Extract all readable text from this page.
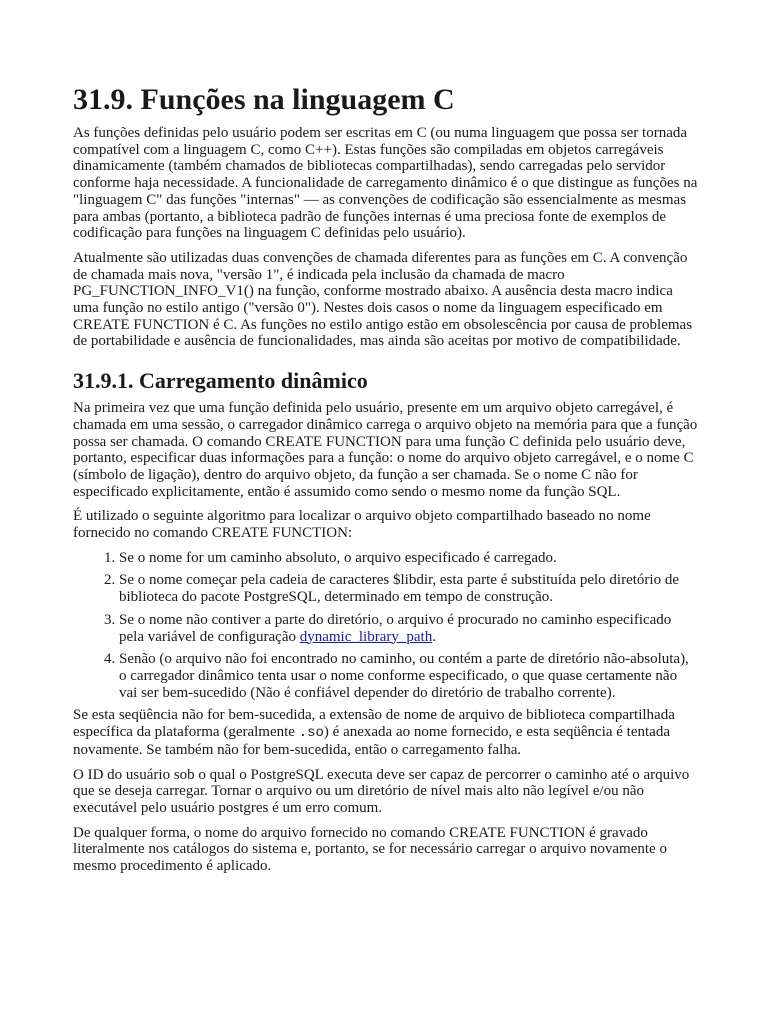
31.9. Funções na linguagem C

As funções definidas pelo usuário podem ser escritas em C (ou numa linguagem que possa ser tornada compatível com a linguagem C, como C++). Estas funções são compiladas em objetos carregáveis dinamicamente (também chamados de bibliotecas compartilhadas), sendo carregadas pelo servidor conforme haja necessidade. A funcionalidade de carregamento dinâmico é o que distingue as funções na "linguagem C" das funções "internas" — as convenções de codificação são essencialmente as mesmas para ambas (portanto, a biblioteca padrão de funções internas é uma preciosa fonte de exemplos de codificação para funções na linguagem C definidas pelo usuário).

Atualmente são utilizadas duas convenções de chamada diferentes para as funções em C. A convenção de chamada mais nova, "versão 1", é indicada pela inclusão da chamada de macro PG_FUNCTION_INFO_V1() na função, conforme mostrado abaixo. A ausência desta macro indica uma função no estilo antigo ("versão 0"). Nestes dois casos o nome da linguagem especificado em CREATE FUNCTION é C. As funções no estilo antigo estão em obsolescência por causa de problemas de portabilidade e ausência de funcionalidades, mas ainda são aceitas por motivo de compatibilidade.

31.9.1. Carregamento dinâmico

Na primeira vez que uma função definida pelo usuário, presente em um arquivo objeto carregável, é chamada em uma sessão, o carregador dinâmico carrega o arquivo objeto na memória para que a função possa ser chamada. O comando CREATE FUNCTION para uma função C definida pelo usuário deve, portanto, especificar duas informações para a função: o nome do arquivo objeto carregável, e o nome C (símbolo de ligação), dentro do arquivo objeto, da função a ser chamada. Se o nome C não for especificado explicitamente, então é assumido como sendo o mesmo nome da função SQL.

É utilizado o seguinte algoritmo para localizar o arquivo objeto compartilhado baseado no nome fornecido no comando CREATE FUNCTION:

1. Se o nome for um caminho absoluto, o arquivo especificado é carregado.
2. Se o nome começar pela cadeia de caracteres $libdir, esta parte é substituída pelo diretório de biblioteca do pacote PostgreSQL, determinado em tempo de construção.
3. Se o nome não contiver a parte do diretório, o arquivo é procurado no caminho especificado pela variável de configuração dynamic_library_path.
4. Senão (o arquivo não foi encontrado no caminho, ou contém a parte de diretório não-absoluta), o carregador dinâmico tenta usar o nome conforme especificado, o que quase certamente não vai ser bem-sucedido (Não é confiável depender do diretório de trabalho corrente).

Se esta seqüência não for bem-sucedida, a extensão de nome de arquivo de biblioteca compartilhada específica da plataforma (geralmente .so) é anexada ao nome fornecido, e esta seqüência é tentada novamente. Se também não for bem-sucedida, então o carregamento falha.

O ID do usuário sob o qual o PostgreSQL executa deve ser capaz de percorrer o caminho até o arquivo que se deseja carregar. Tornar o arquivo ou um diretório de nível mais alto não legível e/ou não executável pelo usuário postgres é um erro comum.

De qualquer forma, o nome do arquivo fornecido no comando CREATE FUNCTION é gravado literalmente nos catálogos do sistema e, portanto, se for necessário carregar o arquivo novamente o mesmo procedimento é aplicado.
